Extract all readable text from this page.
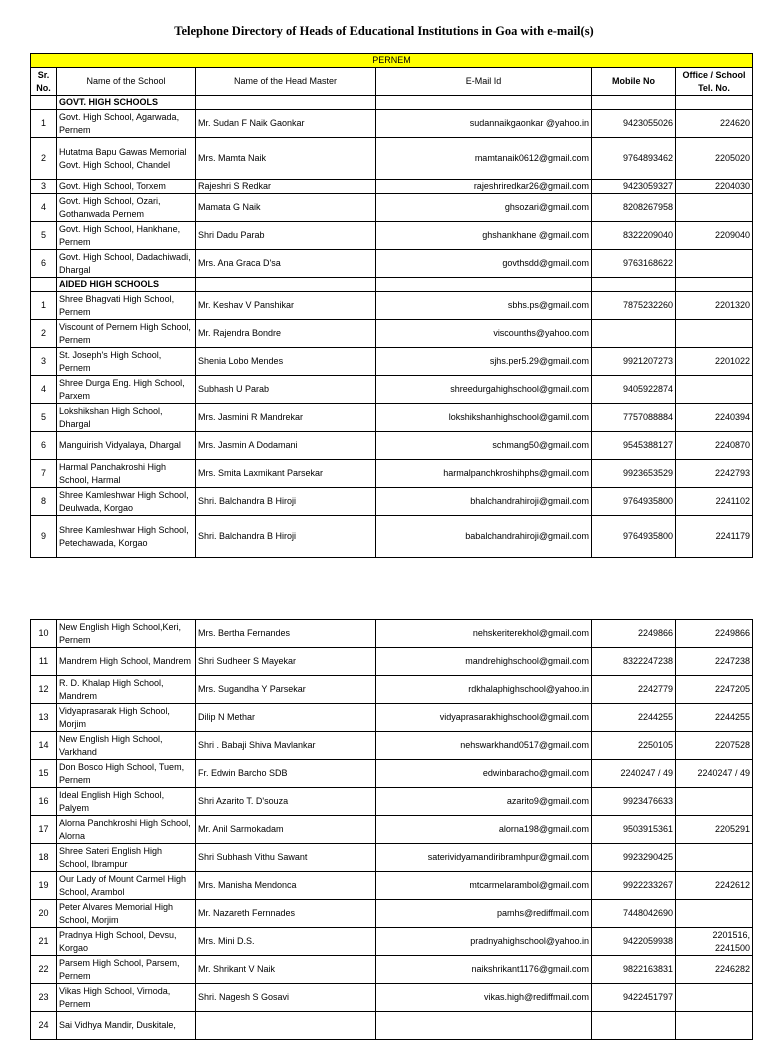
Telephone Directory of Heads of Educational Institutions in Goa with e-mail(s)
PERNEM					
Sr. No.	Name of the School	Name of the Head Master	E-Mail Id	Mobile No	Office / School Tel. No.
	GOVT. HIGH SCHOOLS				
1	Govt. High School, Agarwada, Pernem	Mr. Sudan F Naik Gaonkar	sudannaikgaonkar @yahoo.in	9423055026	224620
2	Hutatma Bapu Gawas Memorial Govt. High School, Chandel	Mrs. Mamta Naik	mamtanaik0612@gmail.com	9764893462	2205020
3	Govt. High School, Torxem	Rajeshri S Redkar	rajeshriredkar26@gmail.com	9423059327	2204030
4	Govt. High School, Ozari, Gothanwada Pernem	Mamata G Naik	ghsozari@gmail.com	8208267958	
5	Govt. High School, Hankhane, Pernem	Shri Dadu Parab	ghshankhane @gmail.com	8322209040	2209040
6	Govt. High School, Dadachiwadi, Dhargal	Mrs. Ana Graca D'sa	govthsdd@gmail.com	9763168622	
	AIDED HIGH SCHOOLS				
1	Shree Bhagvati High School, Pernem	Mr. Keshav V Panshikar	sbhs.ps@gmail.com	7875232260	2201320
2	Viscount of Pernem High School, Pernem	Mr. Rajendra Bondre	viscounths@yahoo.com		
3	St. Joseph's High School, Pernem	Shenia Lobo Mendes	sjhs.per5.29@gmail.com	9921207273	2201022
4	Shree Durga Eng. High School, Parxem	Subhash U Parab	shreedurgahighschool@gmail.com	9405922874	
5	Lokshikshan High School, Dhargal	Mrs. Jasmini R Mandrekar	lokshikshanhighschool@gamil.com	7757088884	2240394
6	Manguirish Vidyalaya, Dhargal	Mrs. Jasmin A Dodamani	schmang50@gmail.com	9545388127	2240870
7	Harmal Panchakroshi High School, Harmal	Mrs. Smita Laxmikant Parsekar	harmalpanchkroshihphs@gmail.com	9923653529	2242793
8	Shree Kamleshwar High School, Deulwada, Korgao	Shri. Balchandra B Hiroji	bhalchandrahiroji@gmail.com	9764935800	2241102
9	Shree Kamleshwar High School, Petechawada, Korgao	Shri. Balchandra B Hiroji	babalchandrahiroji@gmail.com	9764935800	2241179
10	New English High School,Keri, Pernem	Mrs. Bertha Fernandes	nehskeriterekhol@gmail.com	2249866	2249866
11	Mandrem High School, Mandrem	Shri Sudheer S Mayekar	mandrehighschool@gmail.com	8322247238	2247238
12	R. D. Khalap High School, Mandrem	Mrs. Sugandha Y Parsekar	rdkhalaphighschool@yahoo.in	2242779	2247205
13	Vidyaprasarak High School, Morjim	Dilip N Methar	vidyaprasarakhighschool@gmail.com	2244255	2244255
14	New English High School, Varkhand	Shri . Babaji Shiva Mavlankar	nehswarkhand0517@gmail.com	2250105	2207528
15	Don Bosco High School, Tuem, Pernem	Fr. Edwin Barcho SDB	edwinbaracho@gmail.com	2240247 / 49	2240247 / 49
16	Ideal English High School, Palyem	Shri Azarito T. D'souza	azarito9@gmail.com	9923476633	
17	Alorna Panchkroshi High School, Alorna	Mr. Anil Sarmokadam	alorna198@gmail.com	9503915361	2205291
18	Shree Sateri English High School, Ibrampur	Shri Subhash Vithu Sawant	saterividyamandiribramhpur@gmail.com	9923290425	
19	Our Lady of Mount Carmel High School, Arambol	Mrs. Manisha Mendonca	mtcarmelarambol@gmail.com	9922233267	2242612
20	Peter Alvares Memorial High School, Morjim	Mr. Nazareth Fernnades	pamhs@rediffmail.com	7448042690	
21	Pradnya High School, Devsu, Korgao	Mrs. Mini D.S.	pradnyahighschool@yahoo.in	9422059938	2201516, 2241500
22	Parsem High School, Parsem, Pernem	Mr. Shrikant V Naik	naikshrikant1176@gmail.com	9822163831	2246282
23	Vikas High School, Virnoda, Pernem	Shri. Nagesh S Gosavi	vikas.high@rediffmail.com	9422451797	
24	Sai Vidhya Mandir, Duskitale,				
